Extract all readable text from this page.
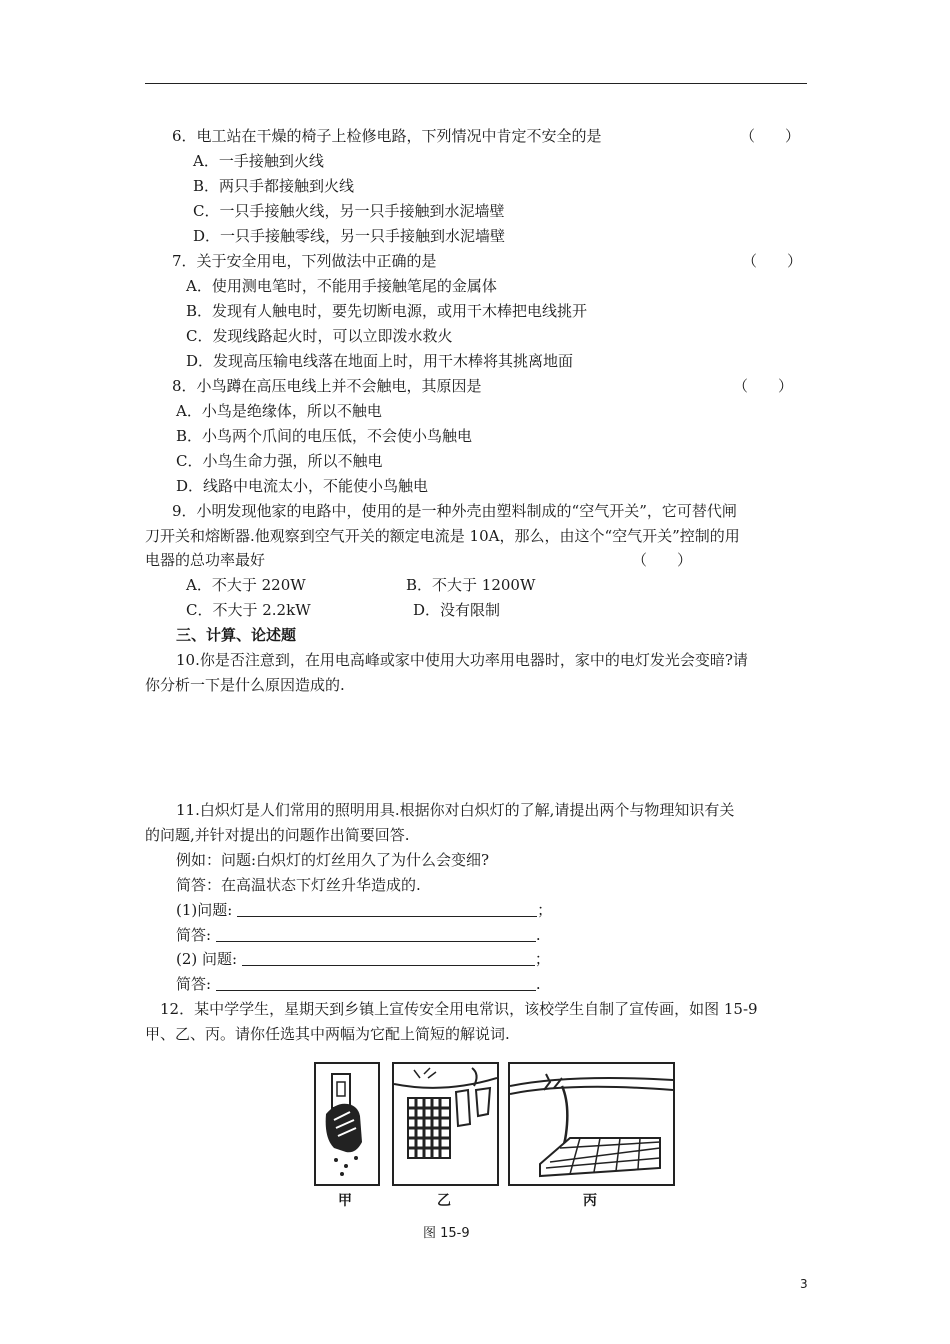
6．电工站在干燥的椅子上检修电路，下列情况中肯定不安全的是	（　　）
A．一手接触到火线
B．两只手都接触到火线
C．一只手接触火线，另一只手接触到水泥墙壁
D．一只手接触零线，另一只手接触到水泥墙壁
7．关于安全用电，下列做法中正确的是	（　　）
A．使用测电笔时，不能用手接触笔尾的金属体
B．发现有人触电时，要先切断电源，或用干木棒把电线挑开
C．发现线路起火时，可以立即泼水救火
D．发现高压输电线落在地面上时，用干木棒将其挑离地面
8．小鸟蹲在高压电线上并不会触电，其原因是	（　　）
A．小鸟是绝缘体，所以不触电
B．小鸟两个爪间的电压低，不会使小鸟触电
C．小鸟生命力强，所以不触电
D．线路中电流太小，不能使小鸟触电
9．小明发现他家的电路中，使用的是一种外壳由塑料制成的“空气开关”，它可替代闸
刀开关和熔断器.他观察到空气开关的额定电流是 10A，那么，由这个“空气开关”控制的用
电器的总功率最好	（　　）
A．不大于 220W	B．不大于 1200W
C．不大于 2.2kW	D．没有限制
三、计算、论述题
10.你是否注意到，在用电高峰或家中使用大功率用电器时，家中的电灯发光会变暗?请
你分析一下是什么原因造成的.
11.白炽灯是人们常用的照明用具.根据你对白炽灯的了解,请提出两个与物理知识有关
的问题,并针对提出的问题作出简要回答.
例如：问题:白炽灯的灯丝用久了为什么会变细?
简答：在高温状态下灯丝升华造成的.
(1)问题:	；
简答:	.
(2) 问题:	；
简答:	.
12．某中学学生，星期天到乡镇上宣传安全用电常识，该校学生自制了宣传画，如图 15-9
甲、乙、丙。请你任选其中两幅为它配上简短的解说词.
甲	乙	丙
图 15-9
3
